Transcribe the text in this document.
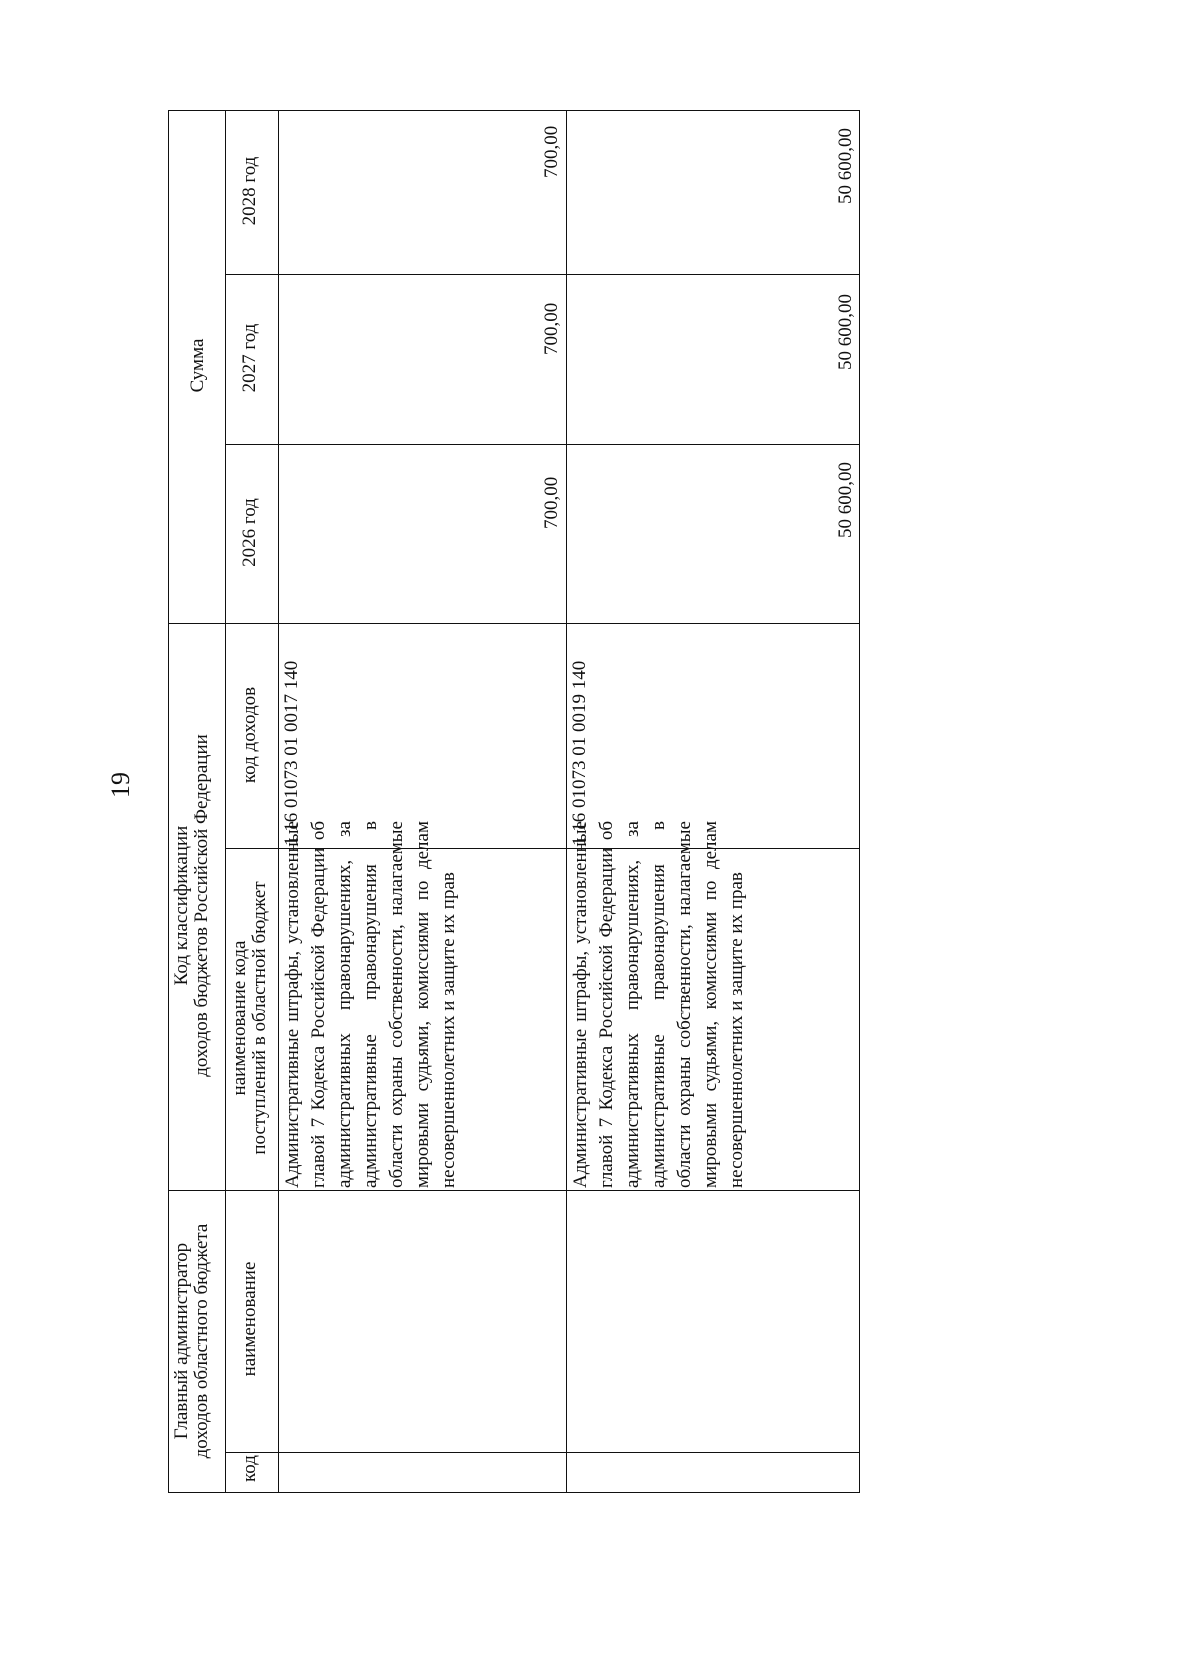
19
Главный администратор доходов областного бюджета
код
наименование
Код классификации доходов бюджетов Российской Федерации наименование кода поступлений в областной бюджет
код доходов
Сумма
2026 год
2027 год
2028 год
1 16 01073 01 0017 140

Административные штрафы, установленные главой 7 Кодекса Российской Федерации об административных правонарушениях, за административные правонарушения в области охраны собственности, налагаемые мировыми судьями, комиссиями по делам несовершеннолетних и защите их прав

700,00
700,00
700,00
1 16 01073 01 0019 140

Административные штрафы, установленные главой 7 Кодекса Российской Федерации об административных правонарушениях, за административные правонарушения в области охраны собственности, налагаемые мировыми судьями, комиссиями по делам несовершеннолетних и защите их прав

50 600,00
50 600,00
50 600,00
